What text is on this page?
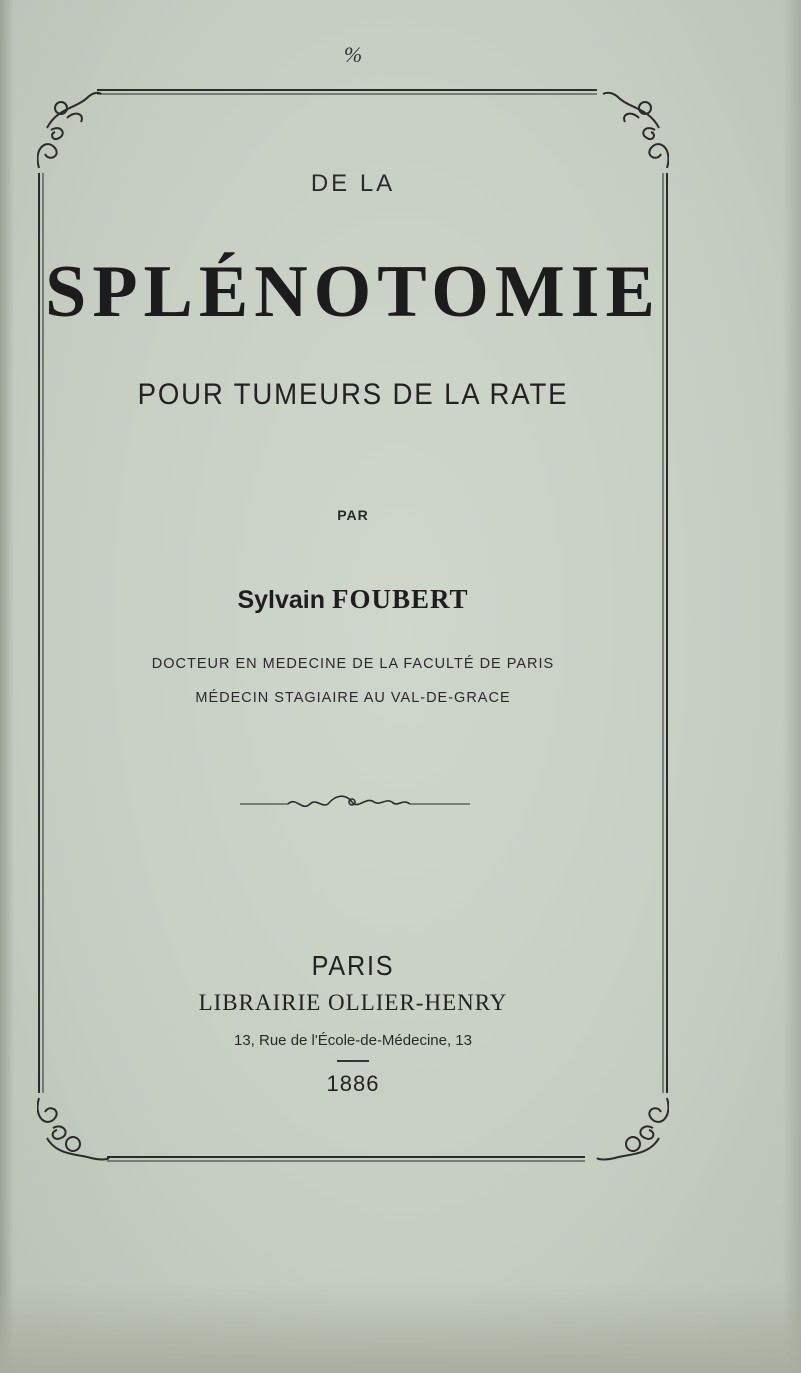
%
DE LA
SPLÉNOTOMIE
POUR TUMEURS DE LA RATE
PAR
Sylvain FOUBERT
DOCTEUR EN MEDECINE DE LA FACULTÉ DE PARIS
MÉDECIN STAGIAIRE AU VAL-DE-GRACE
PARIS
LIBRAIRIE OLLIER-HENRY
13, Rue de l'École-de-Médecine, 13
1886
